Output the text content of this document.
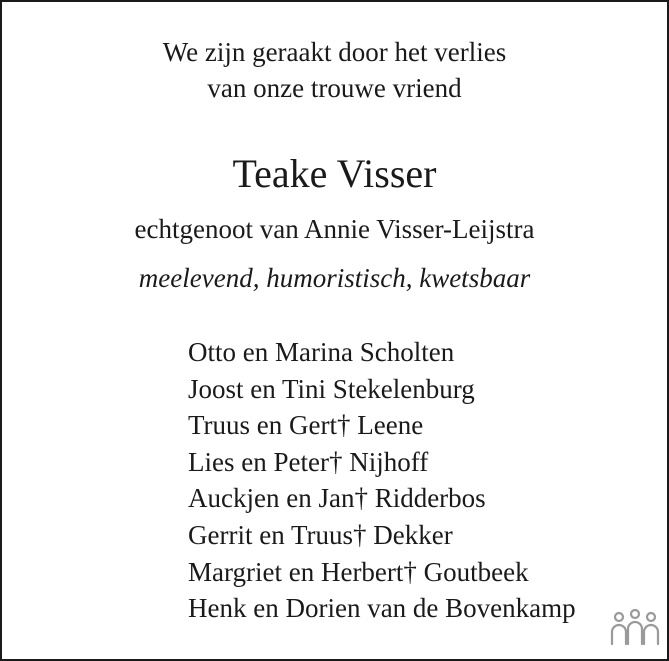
We zijn geraakt door het verlies
van onze trouwe vriend
Teake Visser
echtgenoot van Annie Visser-Leijstra
meelevend, humoristisch, kwetsbaar
Otto en Marina Scholten
Joost en Tini Stekelenburg
Truus en Gert† Leene
Lies en Peter† Nijhoff
Auckjen en Jan† Ridderbos
Gerrit en Truus† Dekker
Margriet en Herbert† Goutbeek
Henk en Dorien van de Bovenkamp
